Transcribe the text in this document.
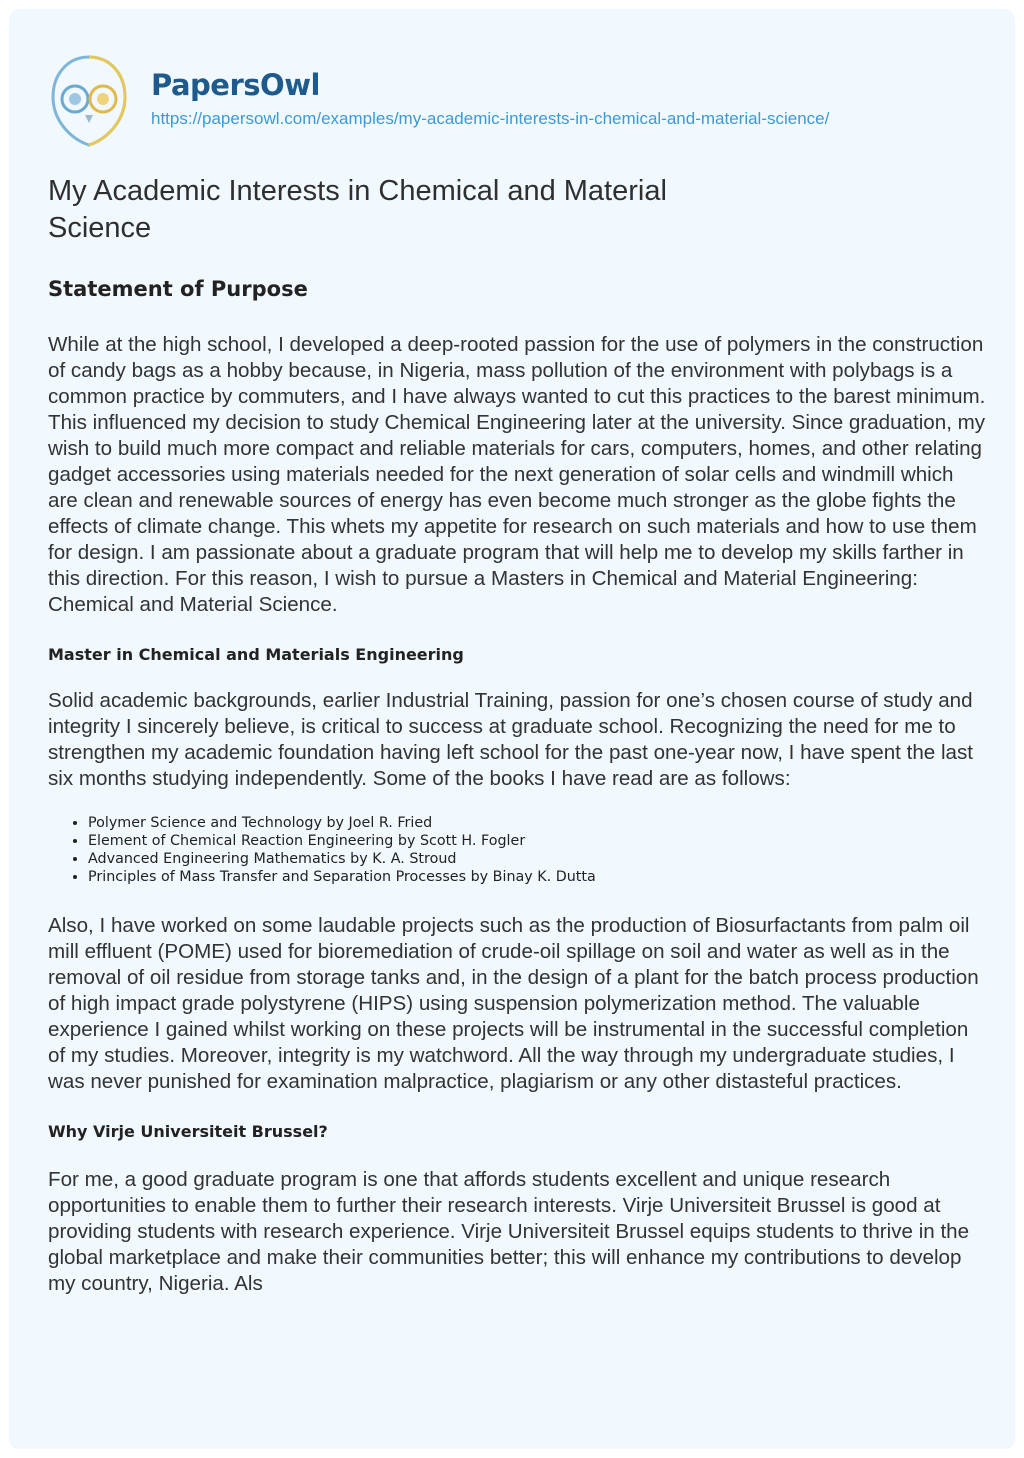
PapersOwl
https://papersowl.com/examples/my-academic-interests-in-chemical-and-material-science/
My Academic Interests in Chemical and Material Science
Statement of Purpose

While at the high school, I developed a deep-rooted passion for the use of polymers in the construction of candy bags as a hobby because, in Nigeria, mass pollution of the environment with polybags is a common practice by commuters, and I have always wanted to cut this practices to the barest minimum. This influenced my decision to study Chemical Engineering later at the university. Since graduation, my wish to build much more compact and reliable materials for cars, computers, homes, and other relating gadget accessories using materials needed for the next generation of solar cells and windmill which are clean and renewable sources of energy has even become much stronger as the globe fights the effects of climate change. This whets my appetite for research on such materials and how to use them for design. I am passionate about a graduate program that will help me to develop my skills farther in this direction. For this reason, I wish to pursue a Masters in Chemical and Material Engineering: Chemical and Material Science.

Master in Chemical and Materials Engineering

Solid academic backgrounds, earlier Industrial Training, passion for one’s chosen course of study and integrity I sincerely believe, is critical to success at graduate school. Recognizing the need for me to strengthen my academic foundation having left school for the past one-year now, I have spent the last six months studying independently. Some of the books I have read are as follows:

• Polymer Science and Technology by Joel R. Fried
• Element of Chemical Reaction Engineering by Scott H. Fogler
• Advanced Engineering Mathematics by K. A. Stroud
• Principles of Mass Transfer and Separation Processes by Binay K. Dutta

Also, I have worked on some laudable projects such as the production of Biosurfactants from palm oil mill effluent (POME) used for bioremediation of crude-oil spillage on soil and water as well as in the removal of oil residue from storage tanks and, in the design of a plant for the batch process production of high impact grade polystyrene (HIPS) using suspension polymerization method. The valuable experience I gained whilst working on these projects will be instrumental in the successful completion of my studies. Moreover, integrity is my watchword. All the way through my undergraduate studies, I was never punished for examination malpractice, plagiarism or any other distasteful practices.

Why Virje Universiteit Brussel?

For me, a good graduate program is one that affords students excellent and unique research opportunities to enable them to further their research interests. Virje Universiteit Brussel is good at providing students with research experience. Virje Universiteit Brussel equips students to thrive in the global marketplace and make their communities better; this will enhance my contributions to develop my country, Nigeria. Als
